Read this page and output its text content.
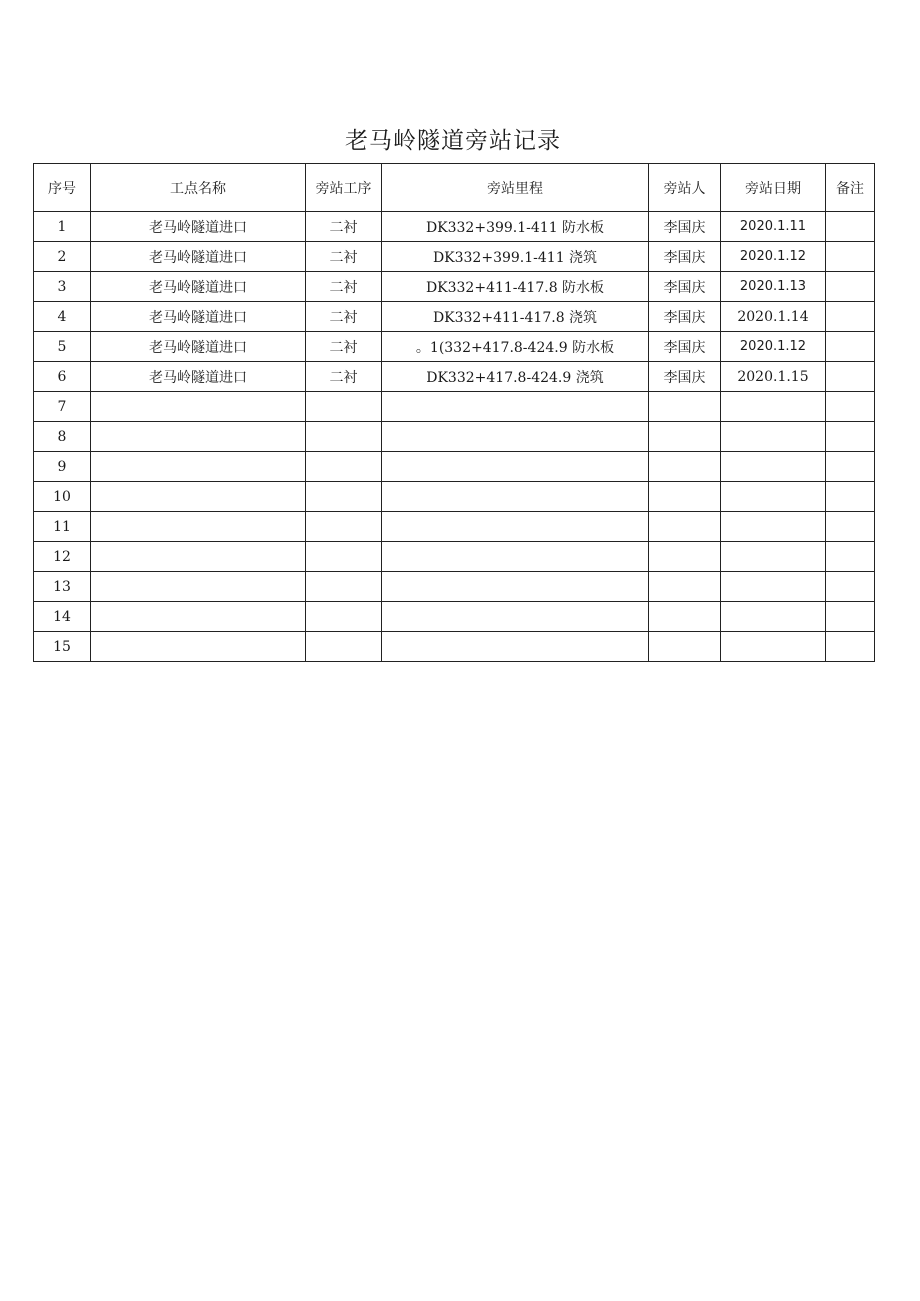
老马岭隧道旁站记录
序号	工点名称	旁站工序	旁站里程	旁站人	旁站日期	备注
1	老马岭隧道进口	二衬	DK332+399.1-411 防水板	李国庆	2020.1.11	
2	老马岭隧道进口	二衬	DK332+399.1-411 浇筑	李国庆	2020.1.12	
3	老马岭隧道进口	二衬	DK332+411-417.8 防水板	李国庆	2020.1.13	
4	老马岭隧道进口	二衬	DK332+411-417.8 浇筑	李国庆	2020.1.14	
5	老马岭隧道进口	二衬	。1(332+417.8-424.9 防水板	李国庆	2020.1.12	
6	老马岭隧道进口	二衬	DK332+417.8-424.9 浇筑	李国庆	2020.1.15	
7						
8						
9						
10						
11						
12						
13						
14						
15						
